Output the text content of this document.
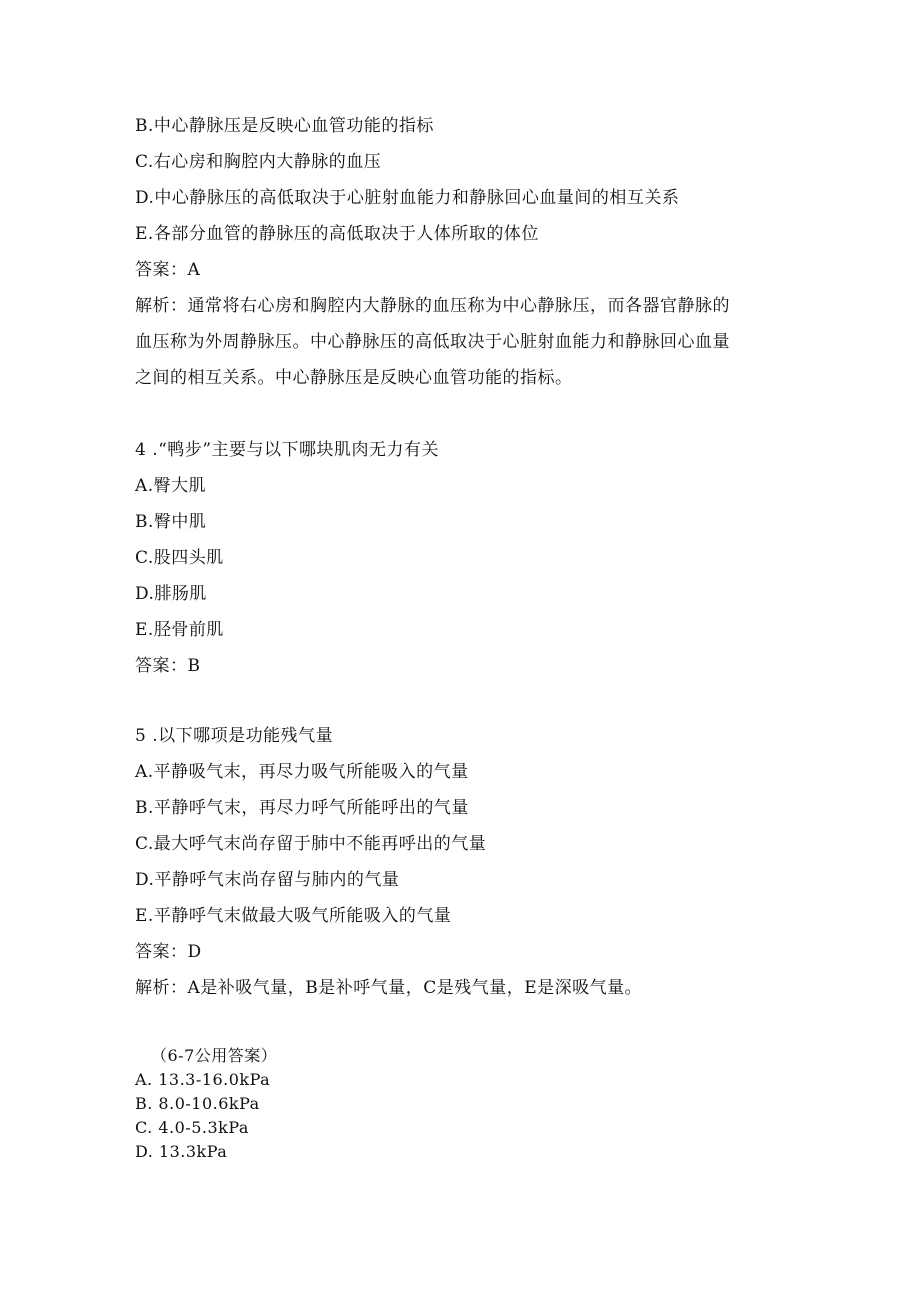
B.中心静脉压是反映心血管功能的指标
C.右心房和胸腔内大静脉的血压
D.中心静脉压的高低取决于心脏射血能力和静脉回心血量间的相互关系
E.各部分血管的静脉压的高低取决于人体所取的体位
答案：A
解析：通常将右心房和胸腔内大静脉的血压称为中心静脉压，而各器官静脉的
血压称为外周静脉压。中心静脉压的高低取决于心脏射血能力和静脉回心血量
之间的相互关系。中心静脉压是反映心血管功能的指标。
4 .“鸭步”主要与以下哪块肌肉无力有关
A.臀大肌
B.臀中肌
C.股四头肌
D.腓肠肌
E.胫骨前肌
答案：B
5 .以下哪项是功能残气量
A.平静吸气末，再尽力吸气所能吸入的气量
B.平静呼气末，再尽力呼气所能呼出的气量
C.最大呼气末尚存留于肺中不能再呼出的气量
D.平静呼气末尚存留与肺内的气量
E.平静呼气末做最大吸气所能吸入的气量
答案：D
解析：A是补吸气量，B是补呼气量，C是残气量，E是深吸气量。
（6-7公用答案）
A. 13.3-16.0kPa
B. 8.0-10.6kPa
C. 4.0-5.3kPa
D. 13.3kPa
